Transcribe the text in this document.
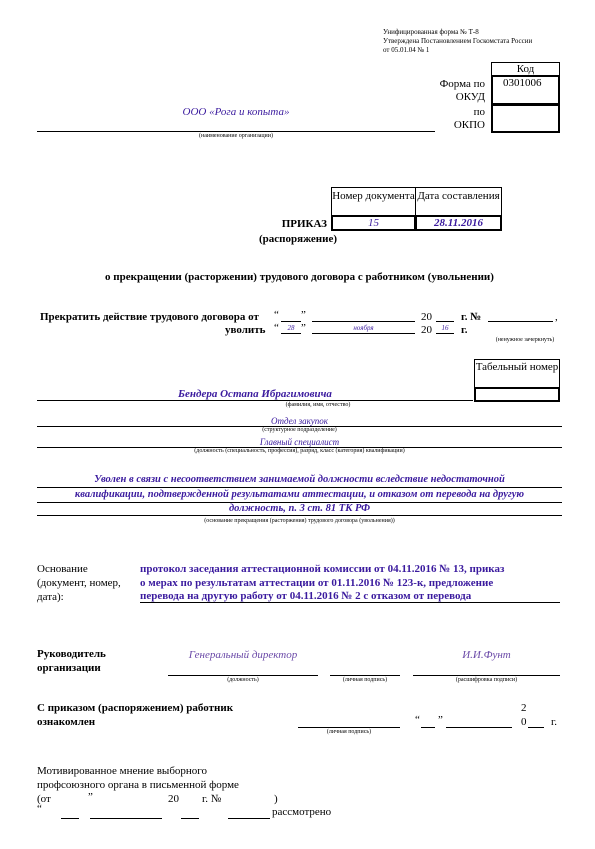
Унифицированная форма № Т-8
Утверждена Постановлением Госкомстата России
от 05.01.04 № 1
Код
0301006
Форма по
ОКУД
по
ОКПО
ООО «Рога и копыта»
(наименование организации)
Номер документа Дата составления
15	28.11.2016
ПРИКАЗ
(распоряжение)
о прекращении (расторжении) трудового договора с работником (увольнении)
Прекратить действие трудового договора от “ ”	20	г. №	,
уволить “	28 ”	ноября	20	16	г.
(ненужное зачеркнуть)
Табельный номер
Бендера Остапа Ибрагимовича
(фамилия, имя, отчество)
Отдел закупок
(структурное подразделение)
Главный специалист
(должность (специальность, профессия), разряд, класс (категория) квалификации)
Уволен в связи с несоответствием занимаемой должности вследствие недостаточной
квалификации, подтвержденной результатами аттестации, и отказом от перевода на другую
должность, п. 3 ст. 81 ТК РФ
(основание прекращения (расторжения) трудового договора (увольнения))
Основание
(документ, номер,
дата):
протокол заседания аттестационной комиссии от 04.11.2016 № 13, приказ
о мерах по результатам аттестации от 01.11.2016 № 123-к, предложение
перевода на другую работу от 04.11.2016 № 2 с отказом от перевода
Руководитель
организации
Генеральный директор
(должность)	(личная подпись)
И.И.Фунт
(расшифровка подписи)
С приказом (распоряжением) работник
ознакомлен
(личная подпись)
“ ”
2
0 г.
Мотивированное мнение выборного
профсоюзного органа в письменной форме
(от	”	20 г. №	)
“	рассмотрено
